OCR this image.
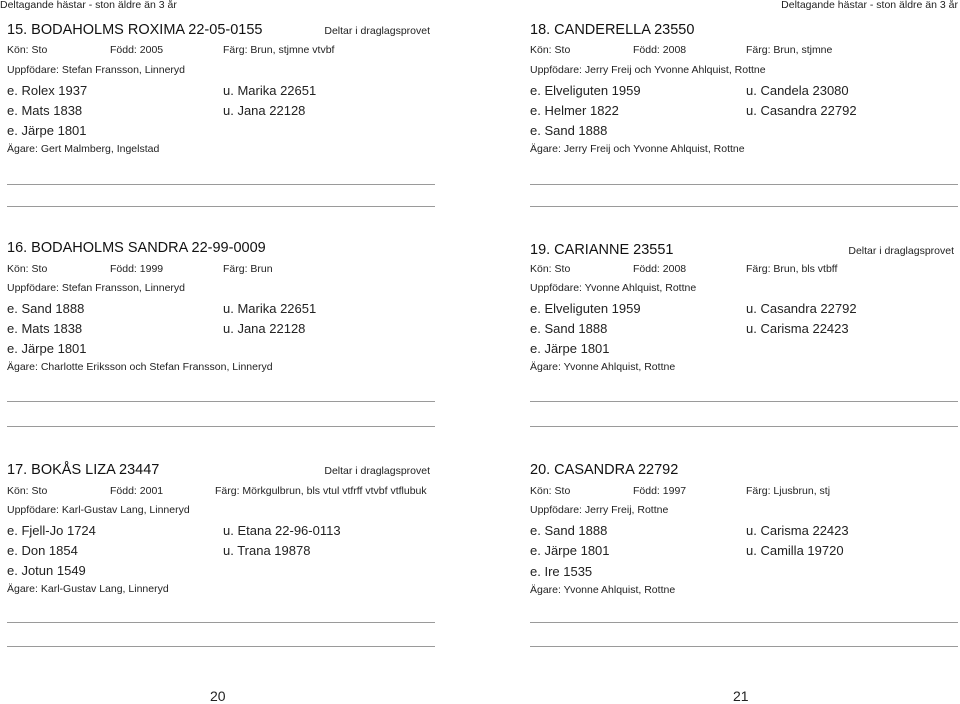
Deltagande hästar - ston äldre än 3 år
15. BODAHOLMS ROXIMA 22-05-0155	Deltar i draglagsprovet
Kön: Sto	Född: 2005	Färg: Brun, stjmne vtvbf
Uppfödare: Stefan Fransson, Linneryd
e. Rolex 1937	u. Marika 22651
e. Mats 1838	u. Jana 22128
e. Järpe 1801
Ägare: Gert Malmberg, Ingelstad
16. BODAHOLMS SANDRA 22-99-0009
Kön: Sto	Född: 1999	Färg: Brun
Uppfödare: Stefan Fransson, Linneryd
e. Sand 1888	u. Marika 22651
e. Mats 1838	u. Jana 22128
e. Järpe 1801
Ägare: Charlotte Eriksson och Stefan Fransson, Linneryd
17. BOKÅS LIZA 23447	Deltar i draglagsprovet
Kön: Sto	Född: 2001	Färg: Mörkgulbrun, bls vtul vtfrff vtvbf vtflubuk
Uppfödare: Karl-Gustav Lang, Linneryd
e. Fjell-Jo 1724	u. Etana 22-96-0113
e. Don 1854	u. Trana 19878
e. Jotun 1549
Ägare: Karl-Gustav Lang, Linneryd
20
Deltagande hästar - ston äldre än 3 år
18. CANDERELLA 23550
Kön: Sto	Född: 2008	Färg: Brun, stjmne
Uppfödare: Jerry Freij och Yvonne Ahlquist, Rottne
e. Elveliguten 1959	u. Candela 23080
e. Helmer 1822	u. Casandra 22792
e. Sand 1888
Ägare: Jerry Freij och Yvonne Ahlquist, Rottne
19. CARIANNE 23551	Deltar i draglagsprovet
Kön: Sto	Född: 2008	Färg: Brun, bls vtbff
Uppfödare: Yvonne Ahlquist, Rottne
e. Elveliguten 1959	u. Casandra 22792
e. Sand 1888	u. Carisma 22423
e. Järpe 1801
Ägare: Yvonne Ahlquist, Rottne
20. CASANDRA 22792
Kön: Sto	Född: 1997	Färg: Ljusbrun, stj
Uppfödare: Jerry Freij, Rottne
e. Sand 1888	u. Carisma 22423
e. Järpe 1801	u. Camilla 19720
e. Ire 1535
Ägare: Yvonne Ahlquist, Rottne
21
